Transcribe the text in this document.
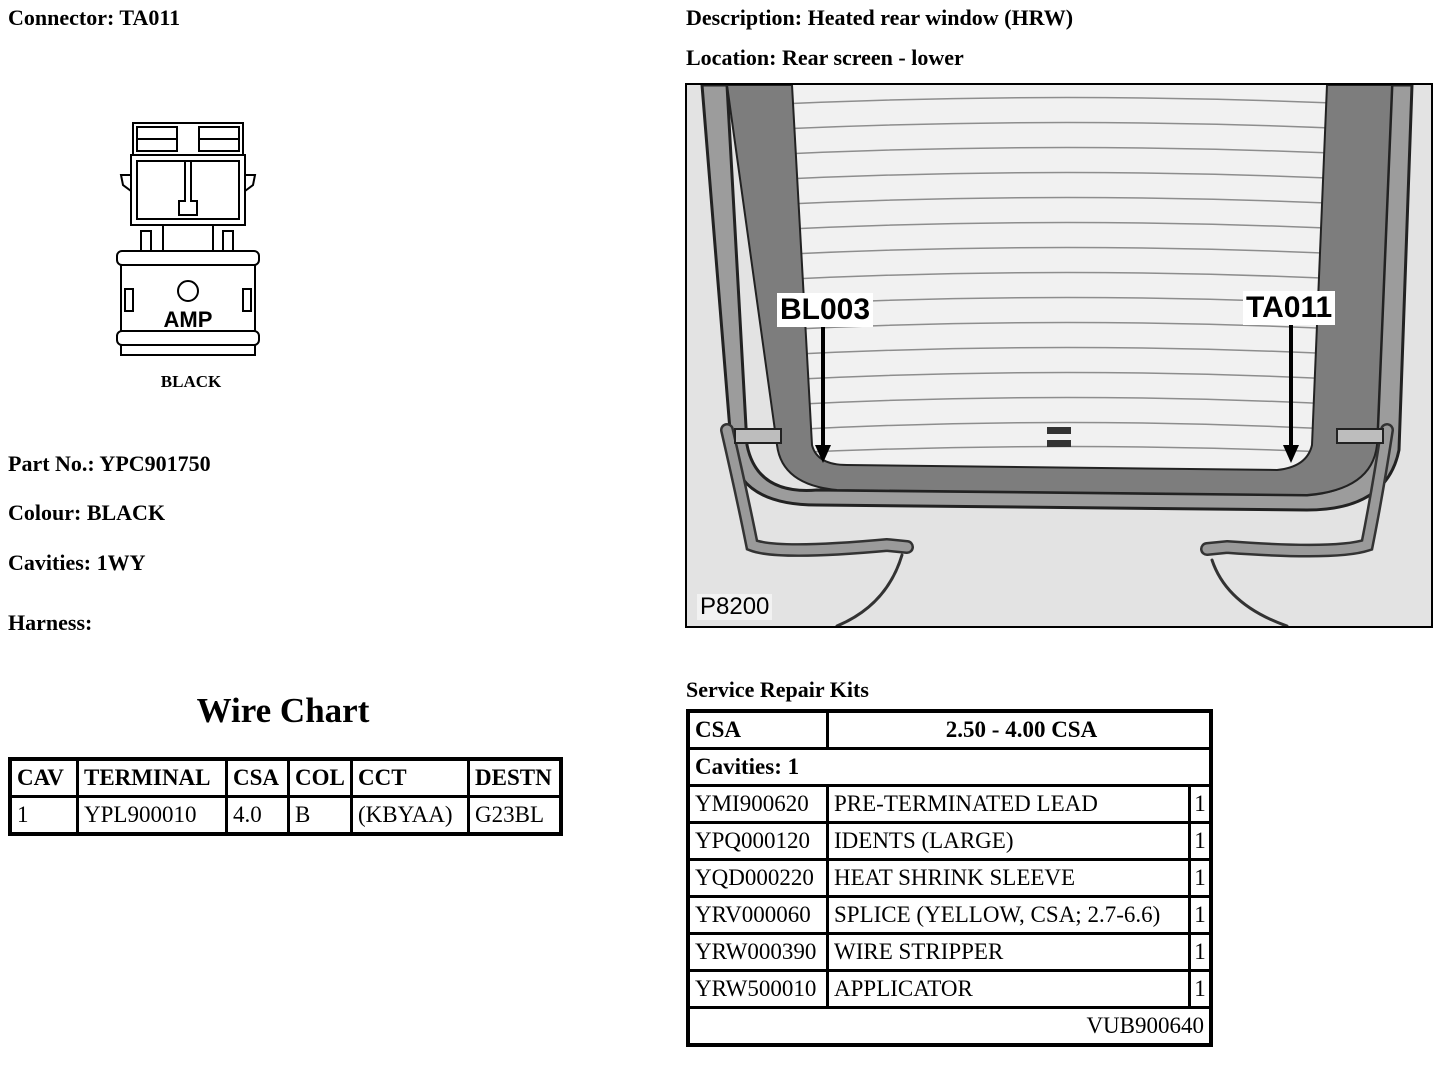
Connector: TA011
AMP
BLACK
Part No.: YPC901750
Colour: BLACK
Cavities: 1WY
Harness:
Wire Chart
CAV	TERMINAL	CSA	COL	CCT	DESTN
1	YPL900010	4.0	B	(KBYAA)	G23BL
Description: Heated rear window (HRW)
Location: Rear screen - lower
BL003	TA011
P8200
Service Repair Kits
CSA	2.50 - 4.00 CSA	
Cavities: 1		
YMI900620	PRE-TERMINATED LEAD	1
YPQ000120	IDENTS (LARGE)	1
YQD000220	HEAT SHRINK SLEEVE	1
YRV000060	SPLICE (YELLOW, CSA; 2.7-6.6)	1
YRW000390	WIRE STRIPPER	1
YRW500010	APPLICATOR	1
VUB900640		
